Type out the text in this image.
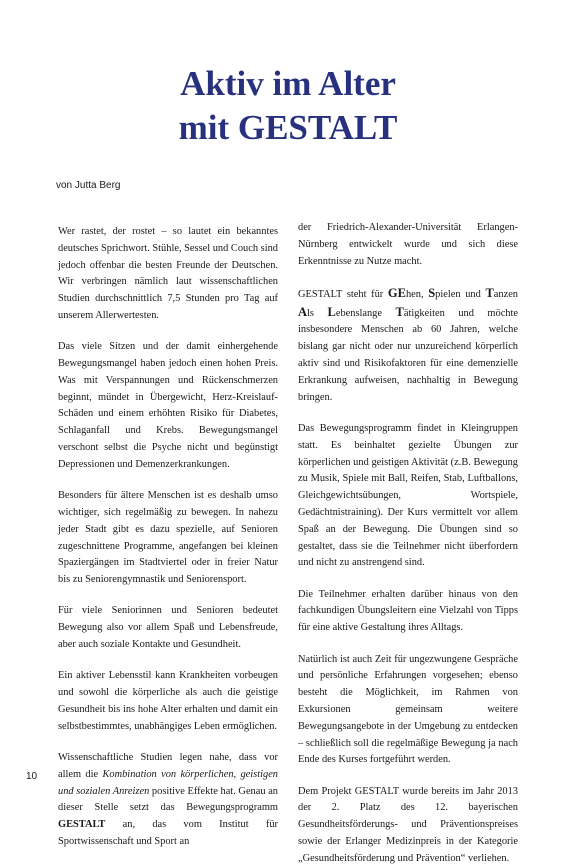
Aktiv im Alter
mit GESTALT

von Jutta Berg

Wer rastet, der rostet – so lautet ein bekanntes deutsches Sprichwort. Stühle, Sessel und Couch sind jedoch offenbar die besten Freunde der Deutschen. Wir verbringen nämlich laut wissenschaftlichen Studien durchschnittlich 7,5 Stunden pro Tag auf unserem Allerwertesten.

Das viele Sitzen und der damit einhergehende Bewegungsmangel haben jedoch einen hohen Preis. Was mit Verspannungen und Rückenschmerzen beginnt, mündet in Übergewicht, Herz-Kreislauf-Schäden und einem erhöhten Risiko für Diabetes, Schlaganfall und Krebs. Bewegungsmangel verschont selbst die Psyche nicht und begünstigt Depressionen und Demenzerkrankungen.

Besonders für ältere Menschen ist es deshalb umso wichtiger, sich regelmäßig zu bewegen. In nahezu jeder Stadt gibt es dazu spezielle, auf Senioren zugeschnittene Programme, angefangen bei kleinen Spaziergängen im Stadtviertel oder in freier Natur bis zu Seniorengymnastik und Seniorensport.

Für viele Seniorinnen und Senioren bedeutet Bewegung also vor allem Spaß und Lebensfreude, aber auch soziale Kontakte und Gesundheit.

Ein aktiver Lebensstil kann Krankheiten vorbeugen und sowohl die körperliche als auch die geistige Gesundheit bis ins hohe Alter erhalten und damit ein selbstbestimmtes, unabhängiges Leben ermöglichen.

Wissenschaftliche Studien legen nahe, dass vor allem die Kombination von körperlichen, geistigen und sozialen Anreizen positive Effekte hat. Genau an dieser Stelle setzt das Bewegungsprogramm GESTALT an, das vom Institut für Sportwissenschaft und Sport an

der Friedrich-Alexander-Universität Erlangen-Nürnberg entwickelt wurde und sich diese Erkenntnisse zu Nutze macht.

GESTALT steht für GEhen, Spielen und Tanzen Als Lebenslange Tätigkeiten und möchte insbesondere Menschen ab 60 Jahren, welche bislang gar nicht oder nur unzureichend körperlich aktiv sind und Risikofaktoren für eine demenzielle Erkrankung aufweisen, nachhaltig in Bewegung bringen.

Das Bewegungsprogramm findet in Kleingruppen statt. Es beinhaltet gezielte Übungen zur körperlichen und geistigen Aktivität (z.B. Bewegung zu Musik, Spiele mit Ball, Reifen, Stab, Luftballons, Gleichgewichtsübungen, Wortspiele, Gedächtnistraining). Der Kurs vermittelt vor allem Spaß an der Bewegung. Die Übungen sind so gestaltet, dass sie die Teilnehmer nicht überfordern und nicht zu anstrengend sind.

Die Teilnehmer erhalten darüber hinaus von den fachkundigen Übungsleitern eine Vielzahl von Tipps für eine aktive Gestaltung ihres Alltags.

Natürlich ist auch Zeit für ungezwungene Gespräche und persönliche Erfahrungen vorgesehen; ebenso besteht die Möglichkeit, im Rahmen von Exkursionen gemeinsam weitere Bewegungsangebote in der Umgebung zu entdecken – schließlich soll die regelmäßige Bewegung ja nach Ende des Kurses fortgeführt werden.

Dem Projekt GESTALT wurde bereits im Jahr 2013 der 2. Platz des 12. bayerischen Gesundheitsförderungs- und Präventionspreises sowie der Erlanger Medizinpreis in der Kategorie „Gesundheitsförderung und Prävention“ verliehen.

10
